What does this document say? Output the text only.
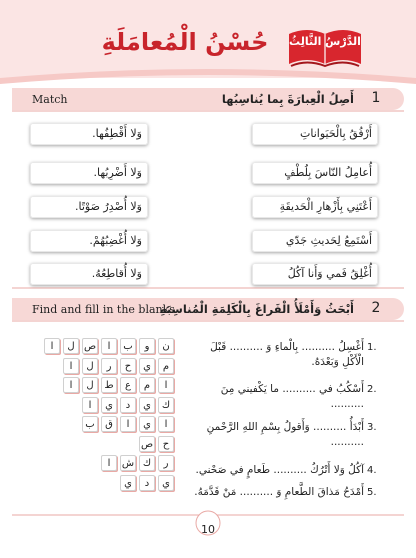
الدَّرْسُ الثَّالِثُ
حُسْنُ الْمُعامَلَةِ
1
أَصِلُ الْعِبارَةَ بِما يُناسِبُها
Match
أَرْفُقُ بِالْحَيَواناتِ
أُعامِلُ النّاسَ بِلُطْفٍ
أَعْتَنِي بِأَزْهارِ الْحَديقَةِ
أَسْتَمِعُ لِحَديثِ جَدّي
أُغْلِقُ فَمي وَأَنا آكُلُ
وَلا أَقْطِفُها.
وَلا أَضْرِبُها.
وَلا أُصْدِرُ صَوْتًا.
وَلا أُغْضِبُهُمْ.
وَلا أُقاطِعُهُ.
2
أَبْحَثُ وَأَمْلَأُ الْفَراغَ بِالْكَلِمَةِ الْمُناسِبَةِ
Find and fill in the blanks
1.
أَغْسِلُ .......... بِالْماءِ وَ .......... قَبْلَ
الْأَكْلِ وَبَعْدَهُ.
2.
أَسْكُبُ في .......... ما يَكْفيني مِنَ
..........
3.
أَبْدَأُ .......... وَأَقولُ بِسْمِ اللهِ الرَّحْمنِ
..........
4.
آكُلُ وَلا أَتْرُكُ .......... طَعامٍ في صَحْني.
5.
أَمْدَحُ مَذاقَ الطَّعامِ وَ .......... مَنْ قَدَّمَهُ.
ن
و
ب
ا
ص
ل
ا
م
ي
ح
ر
ل
ا
ا
م
ع
ط
ل
ا
ك
ي
د
ي
ا
ا
ي
ا
ق
ب
ح
ص
ر
ك
ش
ا
ي
د
ي
10
